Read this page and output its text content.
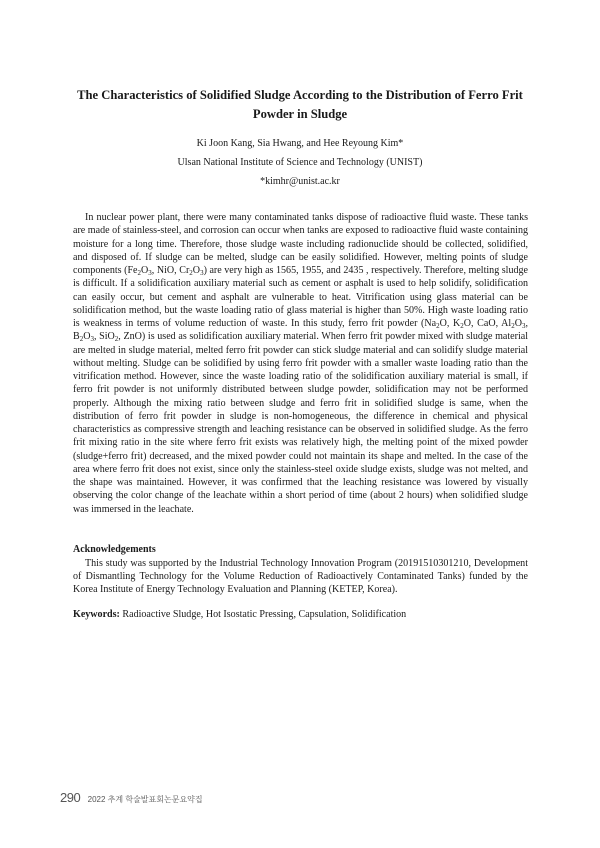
The Characteristics of Solidified Sludge According to the Distribution of Ferro Frit Powder in Sludge

Ki Joon Kang, Sia Hwang, and Hee Reyoung Kim*

Ulsan National Institute of Science and Technology (UNIST)

*kimhr@unist.ac.kr

In nuclear power plant, there were many contaminated tanks dispose of radioactive fluid waste. These tanks are made of stainless-steel, and corrosion can occur when tanks are exposed to radioactive fluid waste containing moisture for a long time. Therefore, those sludge waste including radionuclide should be collected, solidified, and disposed of. If sludge can be melted, sludge can be easily solidified. However, melting points of sludge components ($Fe_2O_3$, NiO, $Cr_2O_3$) are very high as 1565, 1955, and 2435 , respectively. Therefore, melting sludge is difficult. If a solidification auxiliary material such as cement or asphalt is used to help solidify, solidification can easily occur, but cement and asphalt are vulnerable to heat. Vitrification using glass material can be solidification method, but the waste loading ratio of glass material is higher than 50%. High waste loading ratio is weakness in terms of volume reduction of waste. In this study, ferro frit powder ($Na_2O$, $K_2O$, CaO, $Al_2O_3$, $B_2O_3$, SiO$_2$, ZnO) is used as solidification auxiliary material. When ferro frit powder mixed with sludge material are melted in sludge material, melted ferro frit powder can stick sludge material and can solidify sludge material without melting. Sludge can be solidified by using ferro frit powder with a smaller waste loading ratio than the vitrification method. However, since the waste loading ratio of the solidification auxiliary material is small, if ferro frit powder is not uniformly distributed between sludge powder, solidification may not be performed properly. Although the mixing ratio between sludge and ferro frit in solidified sludge is same, when the distribution of ferro frit powder in sludge is non-homogeneous, the difference in chemical and physical characteristics as compressive strength and leaching resistance can be observed in solidified sludge. As the ferro frit mixing ratio in the site where ferro frit exists was relatively high, the melting point of the mixed powder (sludge+ferro frit) decreased, and the mixed powder could not maintain its shape and melted. In the case of the area where ferro frit does not exist, since only the stainless-steel oxide sludge exists, sludge was not melted, and the shape was maintained. However, it was confirmed that the leaching resistance was lowered by visually observing the color change of the leachate within a short period of time (about 2 hours) when solidified sludge was immersed in the leachate.

Acknowledgements

This study was supported by the Industrial Technology Innovation Program (20191510301210, Development of Dismantling Technology for the Volume Reduction of Radioactively Contaminated Tanks) funded by the Korea Institute of Energy Technology Evaluation and Planning (KETEP, Korea).

Keywords: Radioactive Sludge, Hot Isostatic Pressing, Capsulation, Solidification

290 2022 추계 학술발표회논문요약집
